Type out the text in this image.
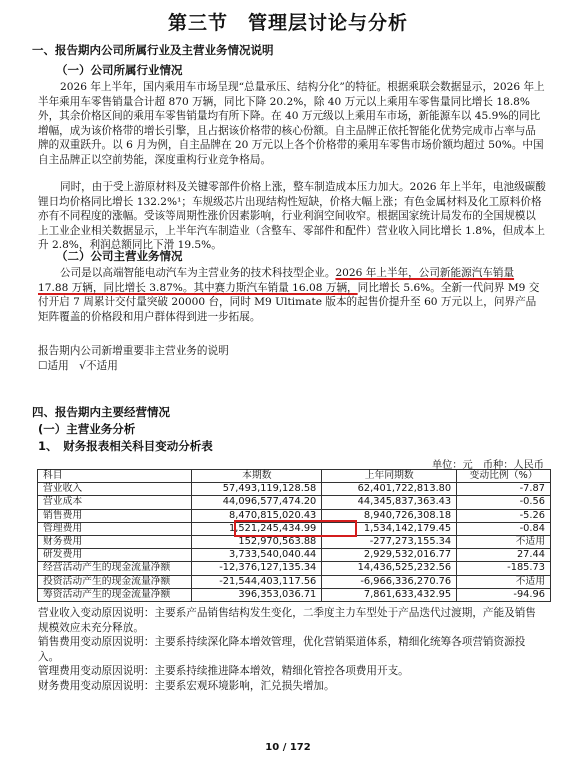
第三节　管理层讨论与分析
一、报告期内公司所属行业及主营业务情况说明
（一）公司所属行业情况

2026 年上半年，国内乘用车市场呈现“总量承压、结构分化”的特征。根据乘联会数据显示，2026 年上半年乘用车零售销量合计超 870 万辆，同比下降 20.2%，除 40 万元以上乘用车零售量同比增长 18.8%外，其余价格区间的乘用车零售销量均有所下降。在 40 万元级以上乘用车市场，新能源车以 45.9%的同比增幅，成为该价格带的增长引擎，且占据该价格带的核心份额。自主品牌正依托智能化优势完成市占率与品牌的双重跃升。以 6 月为例，自主品牌在 20 万元以上各个价格带的乘用车零售市场价额均超过 50%。中国自主品牌正以空前势能，深度重构行业竞争格局。

同时，由于受上游原材料及关键零部件价格上涨，整车制造成本压力加大。2026 年上半年，电池级碳酸锂日均价格同比增长 132.2%¹；车规级芯片出现结构性短缺，价格大幅上涨；有色金属材料及化工原料价格亦有不同程度的涨幅。受该等周期性涨价因素影响，行业利润空间收窄。根据国家统计局发布的全国规模以上工业企业相关数据显示，上半年汽车制造业（含整车、零部件和配件）营业收入同比增长 1.8%，但成本上升 2.8%，利润总额同比下滑 19.5%。

（二）公司主营业务情况

公司是以高端智能电动汽车为主营业务的技术科技型企业。2026 年上半年，公司新能源汽车销量 17.88 万辆，同比增长 3.87%。其中赛力斯汽车销量 16.08 万辆，同比增长 5.6%。全新一代问界 M9 交付开启 7 周累计交付量突破 20000 台，同时 M9 Ultimate 版本的起售价提升至 60 万元以上，问界产品矩阵覆盖的价格段和用户群体得到进一步拓展。

报告期内公司新增重要非主营业务的说明
☐适用　√不适用
四、报告期内主要经营情况
(一）主营业务分析
1、　财务报表相关科目变动分析表
单位：元　币种：人民币
科目	本期数	上年同期数	变动比例（%）
营业收入	57,493,119,128.58	62,401,722,813.80	-7.87
营业成本	44,096,577,474.20	44,345,837,363.43	-0.56
销售费用	8,470,815,020.43	8,940,726,308.18	-5.26
管理费用	1,521,245,434.99	1,534,142,179.45	-0.84
财务费用	152,970,563.88	-277,273,155.34	不适用
研发费用	3,733,540,040.44	2,929,532,016.77	27.44
经营活动产生的现金流量净额	-12,376,127,135.34	14,436,525,232.56	-185.73
投资活动产生的现金流量净额	-21,544,403,117.56	-6,966,336,270.76	不适用
筹资活动产生的现金流量净额	396,353,036.71	7,861,633,432.95	-94.96

营业收入变动原因说明：主要系产品销售结构发生变化，二季度主力车型处于产品迭代过渡期，产能及销售规模效应未充分释放。

销售费用变动原因说明：主要系持续深化降本增效管理，优化营销渠道体系，精细化统筹各项营销资源投入。

管理费用变动原因说明：主要系持续推进降本增效，精细化管控各项费用开支。

财务费用变动原因说明：主要系宏观环境影响，汇兑损失增加。

10 / 172
